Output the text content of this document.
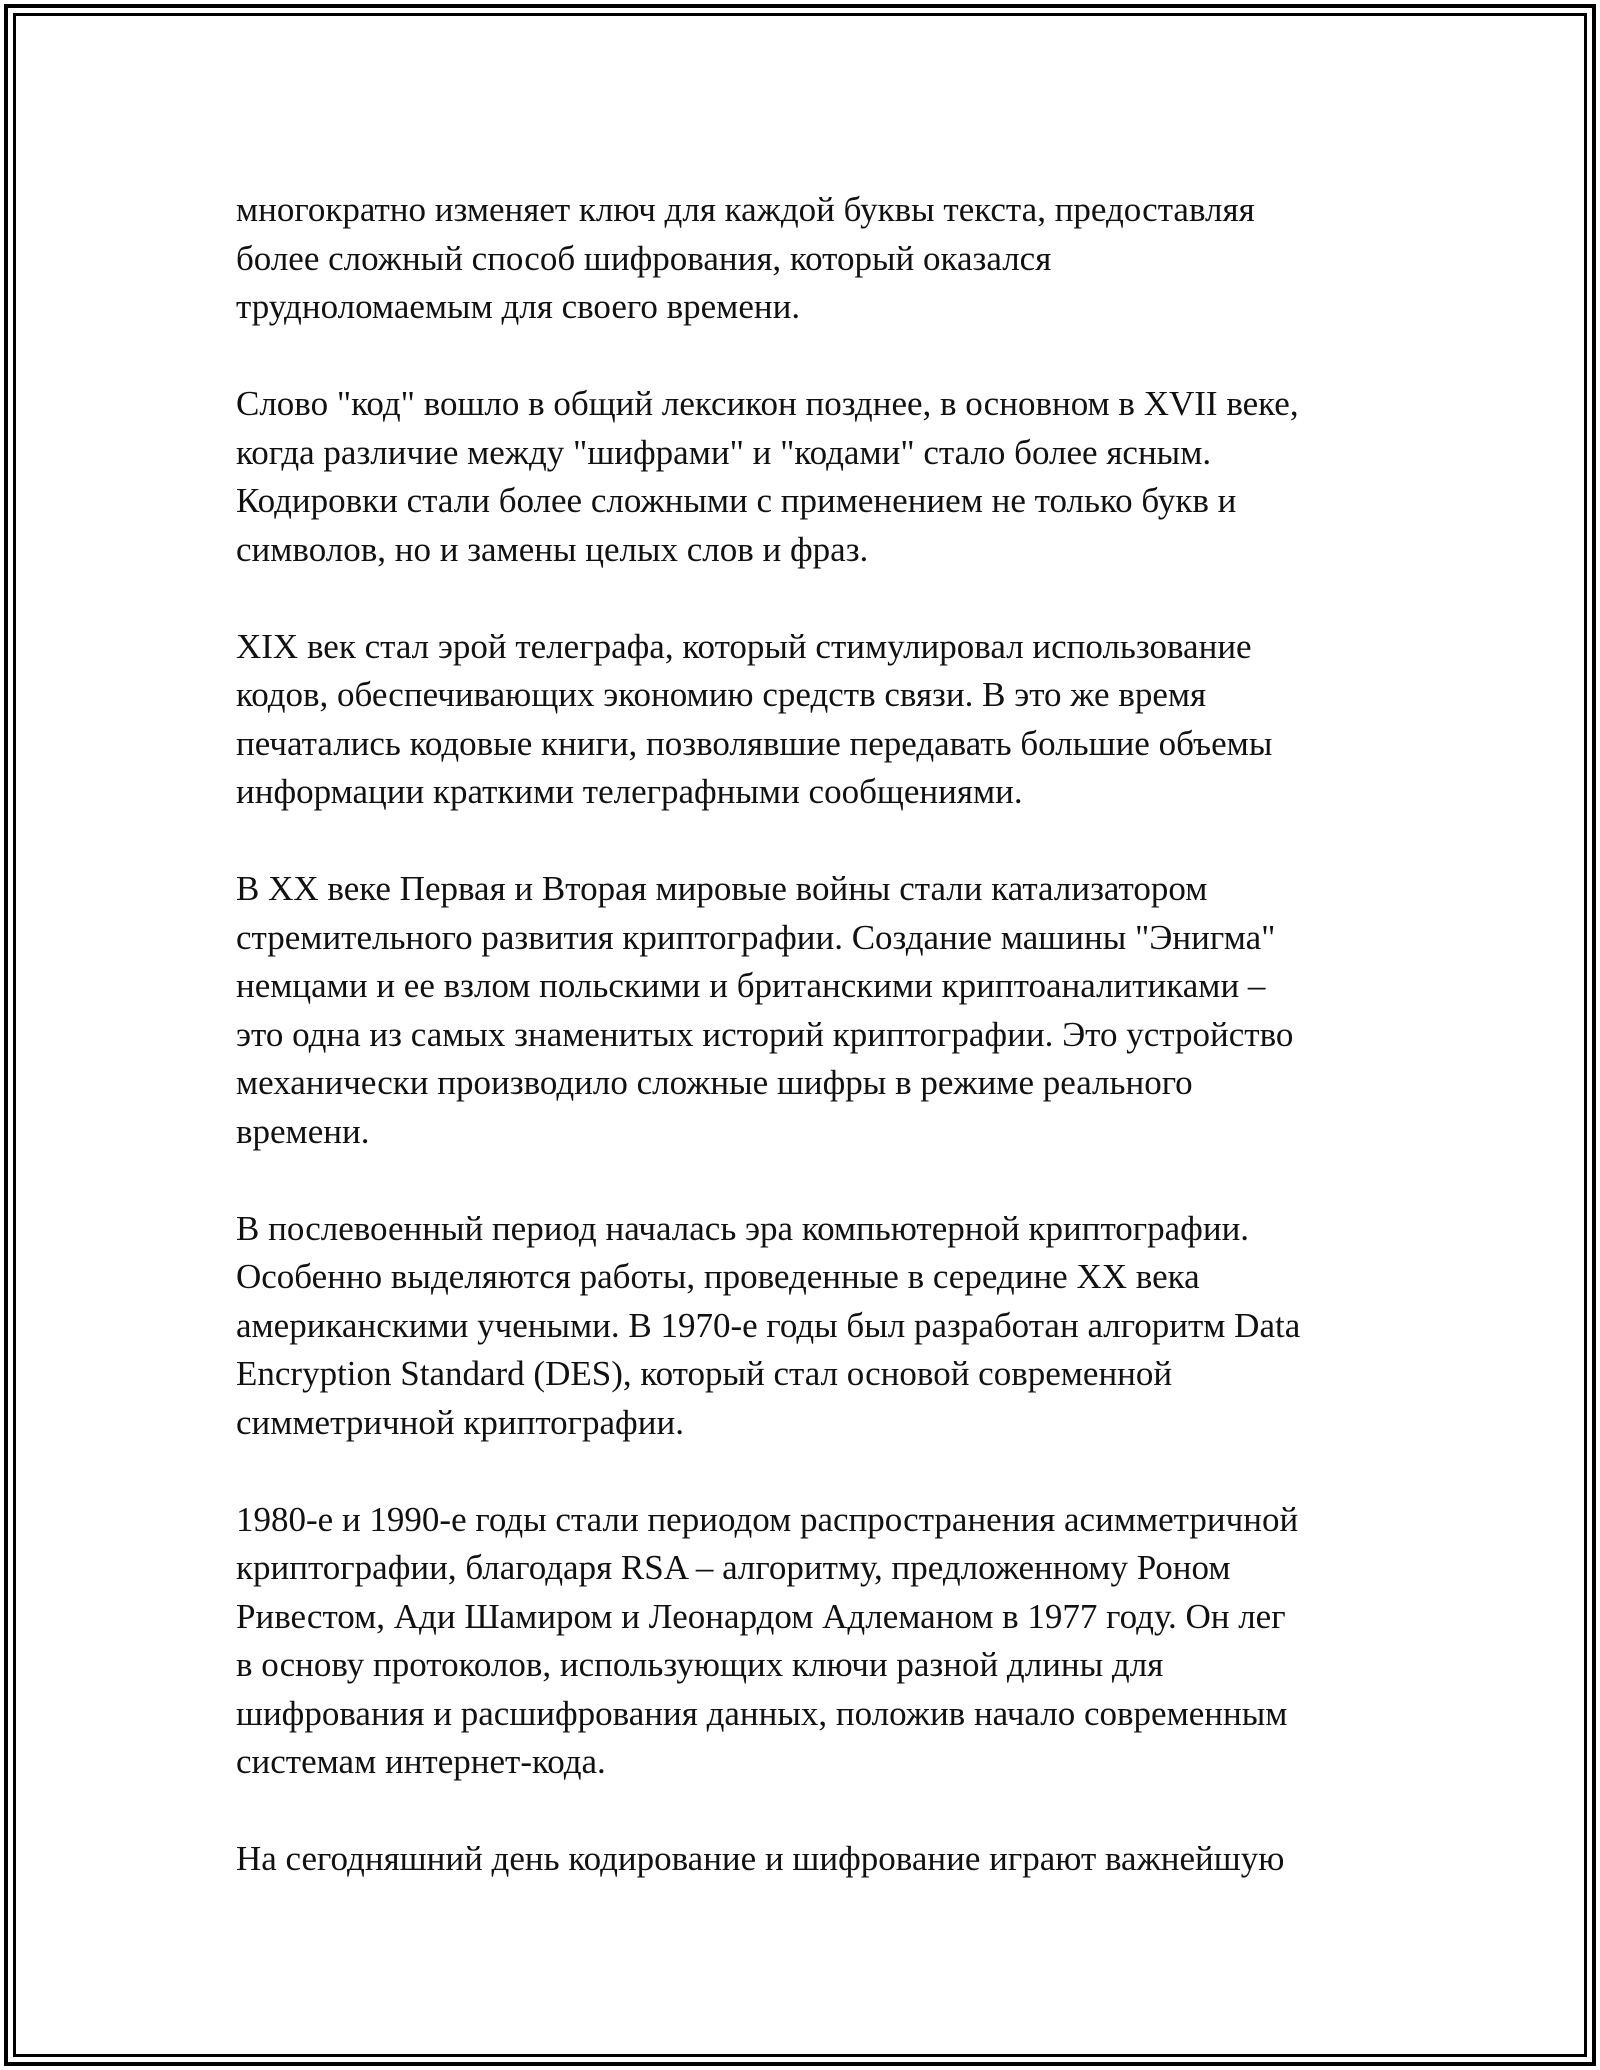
многократно изменяет ключ для каждой буквы текста, предоставляя
более сложный способ шифрования, который оказался
трудноломаемым для своего времени.

Слово "код" вошло в общий лексикон позднее, в основном в XVII веке,
когда различие между "шифрами" и "кодами" стало более ясным.
Кодировки стали более сложными с применением не только букв и
символов, но и замены целых слов и фраз.

XIX век стал эрой телеграфа, который стимулировал использование
кодов, обеспечивающих экономию средств связи. В это же время
печатались кодовые книги, позволявшие передавать большие объемы
информации краткими телеграфными сообщениями.

В XX веке Первая и Вторая мировые войны стали катализатором
стремительного развития криптографии. Создание машины "Энигма"
немцами и ее взлом польскими и британскими криптоаналитиками –
это одна из самых знаменитых историй криптографии. Это устройство
механически производило сложные шифры в режиме реального
времени.

В послевоенный период началась эра компьютерной криптографии.
Особенно выделяются работы, проведенные в середине XX века
американскими учеными. В 1970-е годы был разработан алгоритм Data
Encryption Standard (DES), который стал основой современной
симметричной криптографии.

1980-е и 1990-е годы стали периодом распространения асимметричной
криптографии, благодаря RSA – алгоритму, предложенному Роном
Ривестом, Ади Шамиром и Леонардом Адлеманом в 1977 году. Он лег
в основу протоколов, использующих ключи разной длины для
шифрования и расшифрования данных, положив начало современным
системам интернет-кода.

На сегодняшний день кодирование и шифрование играют важнейшую
